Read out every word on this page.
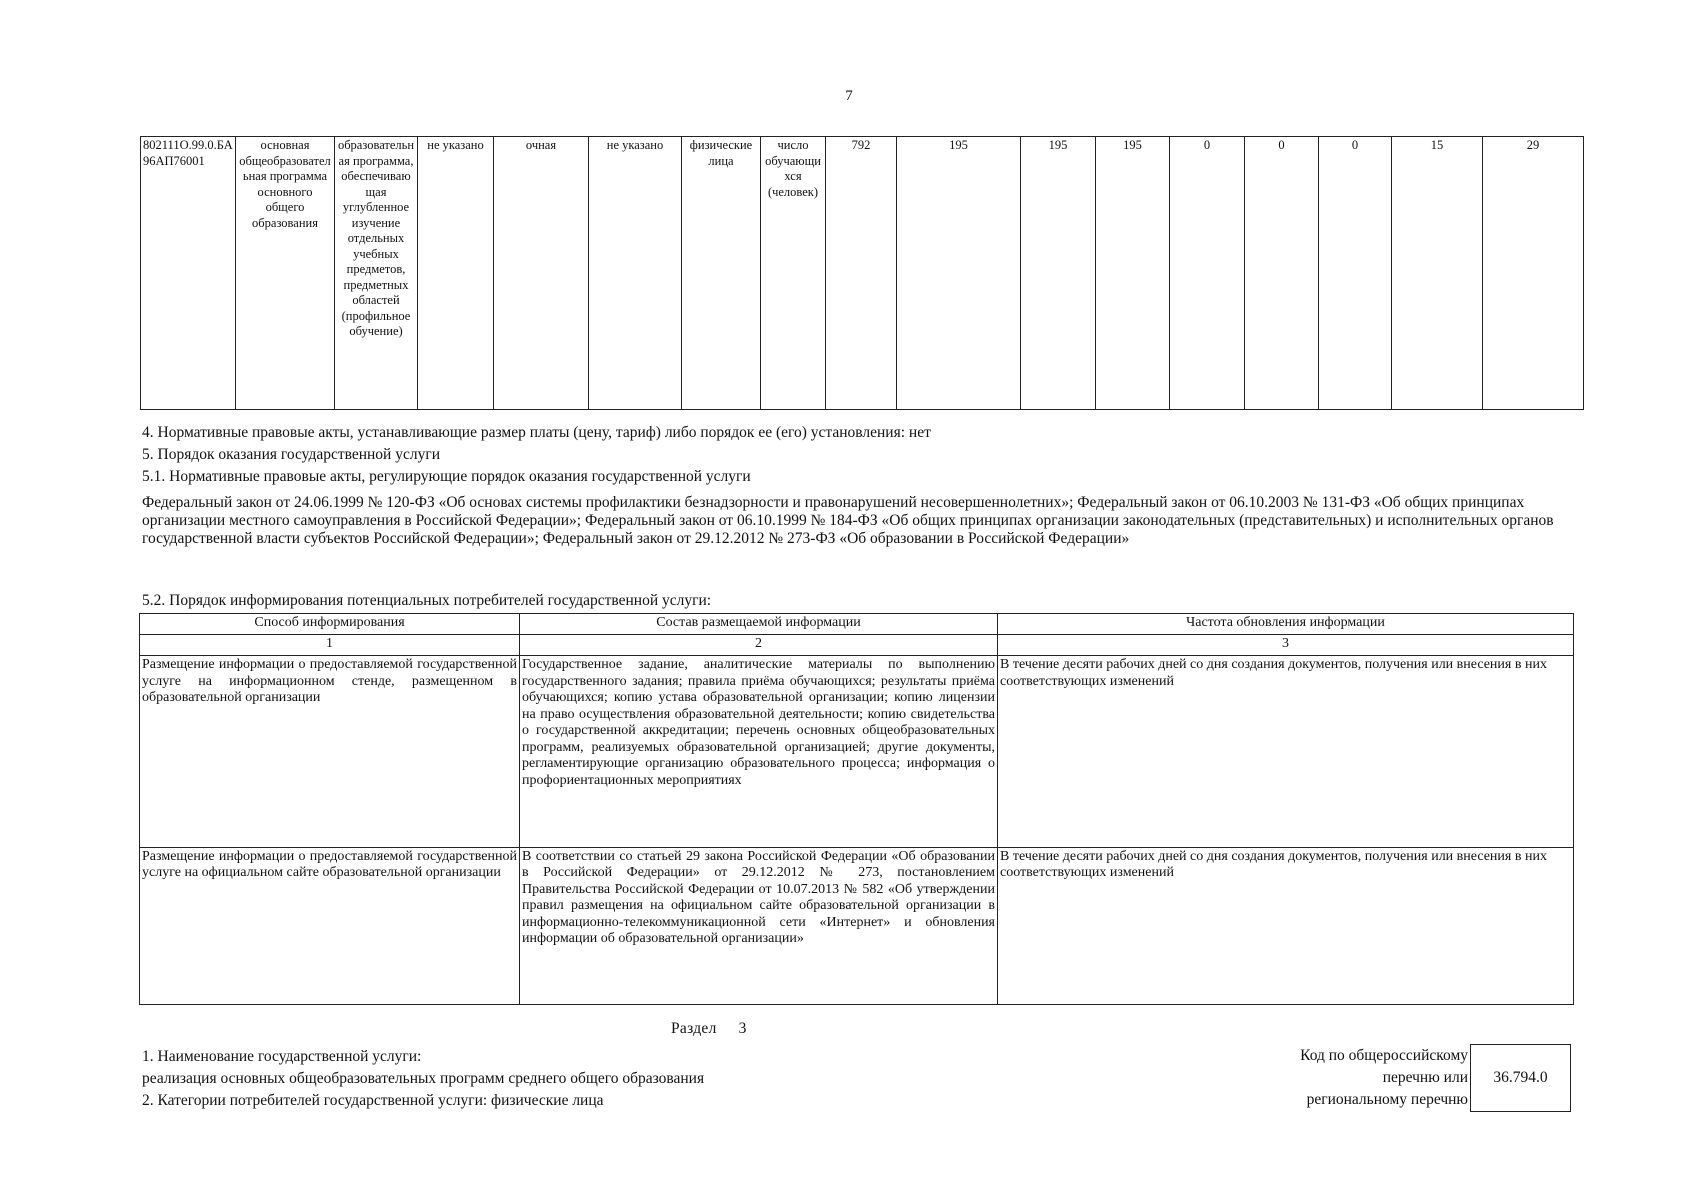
7
802111О.99.0.БА96АП76001	основная общеобразовательная программа основного общего образования	образовательная программа, обеспечивающая углубленное изучение отдельных учебных предметов, предметных областей (профильное обучение)	не указано	очная	не указано	физические лица	число обучающихся (человек)	792	195	195	195	0	0	0	15	29
4. Нормативные правовые акты, устанавливающие размер платы (цену, тариф) либо порядок ее (его) установления: нет
5. Порядок оказания государственной услуги
5.1. Нормативные правовые акты, регулирующие порядок оказания государственной услуги
Федеральный закон от 24.06.1999 № 120-ФЗ «Об основах системы профилактики безнадзорности и правонарушений несовершеннолетних»; Федеральный закон от 06.10.2003 № 131-ФЗ «Об общих принципах организации местного самоуправления в Российской Федерации»; Федеральный закон от 06.10.1999 № 184-ФЗ «Об общих принципах организации законодательных (представительных) и исполнительных органов государственной власти субъектов Российской Федерации»; Федеральный закон от 29.12.2012 № 273-ФЗ «Об образовании в Российской Федерации»
5.2. Порядок информирования потенциальных потребителей государственной услуги:
Способ информирования	Состав размещаемой информации	Частота обновления информации
1	2	3
Размещение информации о предоставляемой государственной услуге на информационном стенде, размещенном в образовательной организации	Государственное задание, аналитические материалы по выполнению государственного задания; правила приёма обучающихся; результаты приёма обучающихся; копию устава образовательной организации; копию лицензии на право осуществления образовательной деятельности; копию свидетельства о государственной аккредитации; перечень основных общеобразовательных программ, реализуемых образовательной организацией; другие документы, регламентирующие организацию образовательного процесса; информация о профориентационных мероприятиях	В течение десяти рабочих дней со дня создания документов, получения или внесения в них соответствующих изменений
Размещение информации о предоставляемой государственной услуге на официальном сайте образовательной организации	В соответствии со статьей 29 закона Российской Федерации «Об образовании в Российской Федерации» от 29.12.2012 № 273, постановлением Правительства Российской Федерации от 10.07.2013 № 582 «Об утверждении правил размещения на официальном сайте образовательной организации в информационно-телекоммуникационной сети «Интернет» и обновления информации об образовательной организации»	В течение десяти рабочих дней со дня создания документов, получения или внесения в них соответствующих изменений
Раздел 3
1. Наименование государственной услуги:
реализация основных общеобразовательных программ среднего общего образования
2. Категории потребителей государственной услуги: физические лица
Код по общероссийскому
перечню или
региональному перечню
36.794.0
